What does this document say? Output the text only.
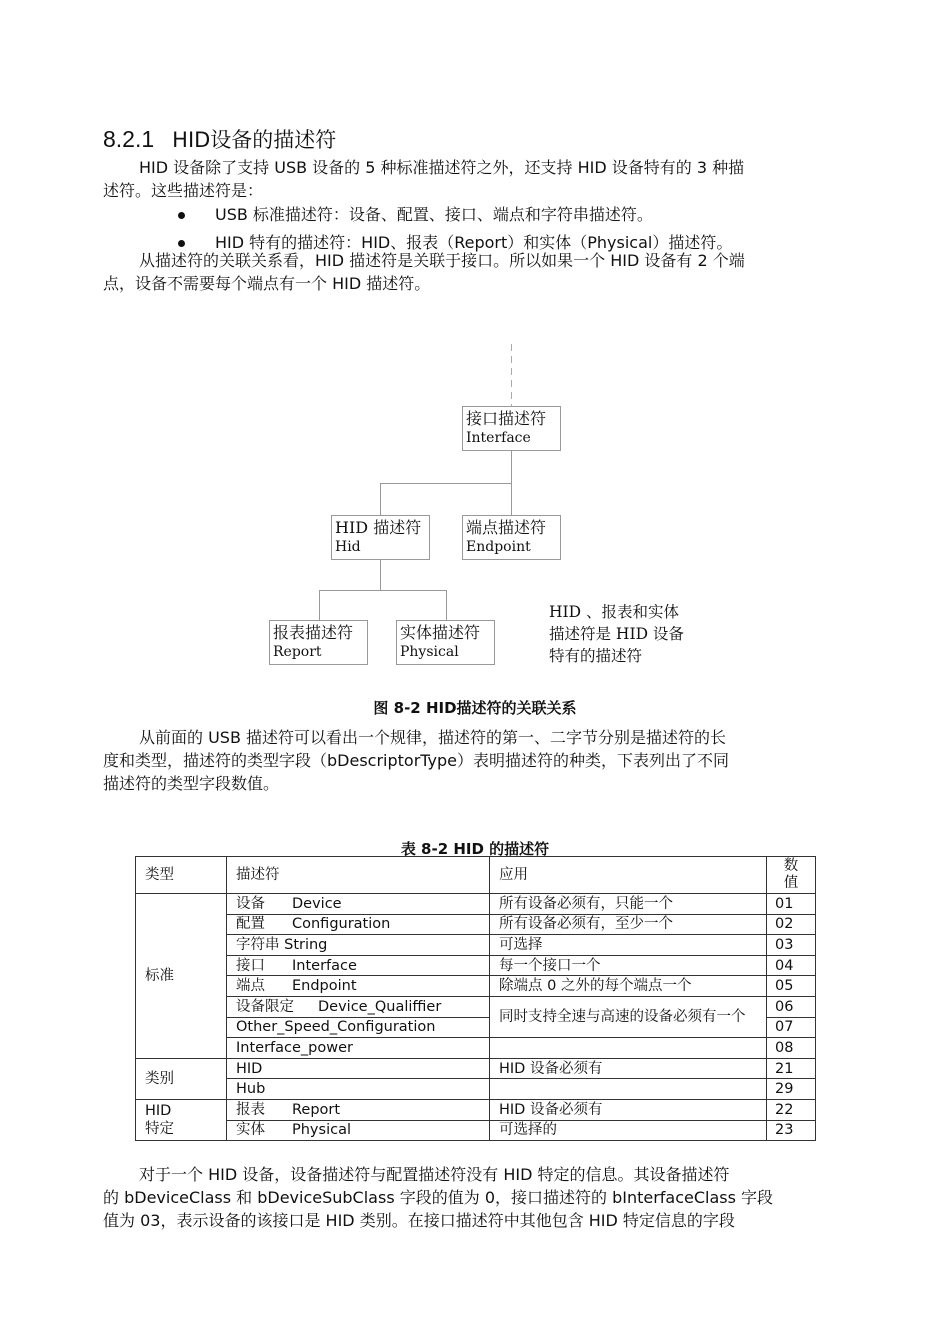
8.2.1 HID设备的描述符
HID 设备除了支持 USB 设备的 5 种标准描述符之外，还支持 HID 设备特有的 3 种描
述符。这些描述符是：
USB 标准描述符：设备、配置、接口、端点和字符串描述符。
HID 特有的描述符：HID、报表（Report）和实体（Physical）描述符。
从描述符的关联关系看，HID 描述符是关联于接口。所以如果一个 HID 设备有 2 个端
点，设备不需要每个端点有一个 HID 描述符。
接口描述符
Interface
HID 描述符
Hid
端点描述符
Endpoint
报表描述符
Report
实体描述符
Physical
HID 、报表和实体
描述符是 HID 设备
特有的描述符
图 8-2 HID描述符的关联关系
从前面的 USB 描述符可以看出一个规律，描述符的第一、二字节分别是描述符的长
度和类型，描述符的类型字段（bDescriptorType）表明描述符的种类，下表列出了不同
描述符的类型字段数值。
表 8-2 HID 的描述符
类型	描述符	应用	数
值
标准	设备 Device	所有设备必须有，只能一个	01
	配置 Configuration	所有设备必须有，至少一个	02
	字符串 String	可选择	03
	接口 Interface	每一个接口一个	04
	端点 Endpoint	除端点 0 之外的每个端点一个	05
	设备限定 Device_Qualiffier	同时支持全速与高速的设备必须有一个	06
	Other_Speed_Configuration		07
	Interface_power		08
类别	HID	HID 设备必须有	21
	Hub		29
HID
特定	报表 Report	HID 设备必须有	22
	实体 Physical	可选择的	23
对于一个 HID 设备，设备描述符与配置描述符没有 HID 特定的信息。其设备描述符
的 bDeviceClass 和 bDeviceSubClass 字段的值为 0，接口描述符的 bInterfaceClass 字段
值为 03，表示设备的该接口是 HID 类别。在接口描述符中其他包含 HID 特定信息的字段
